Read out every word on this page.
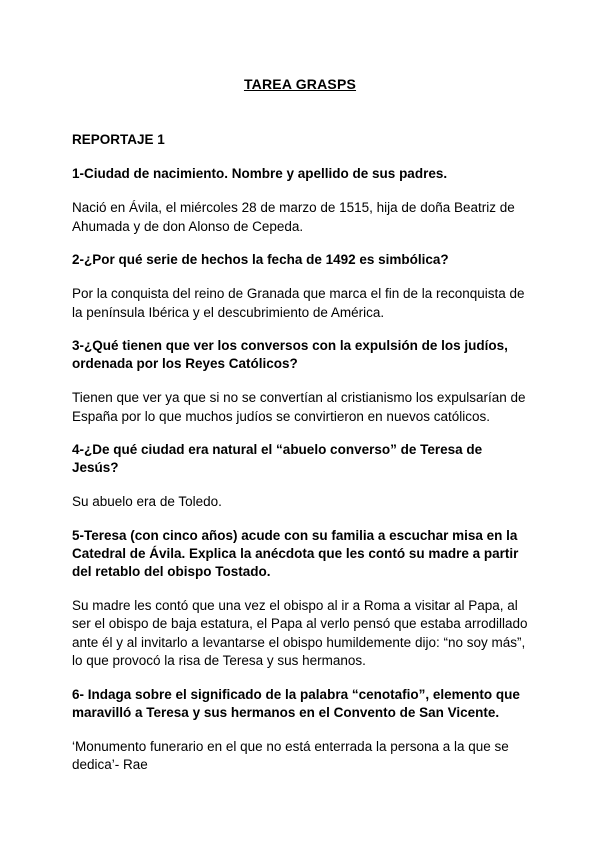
TAREA GRASPS
REPORTAJE 1
1-Ciudad de nacimiento. Nombre y apellido de sus padres.
Nació en Ávila, el miércoles 28 de marzo de 1515, hija de doña Beatriz de Ahumada y de don Alonso de Cepeda.
2-¿Por qué serie de hechos la fecha de 1492 es simbólica?
Por la conquista del reino de Granada que marca el fin de la reconquista de la península Ibérica y el descubrimiento de América.
3-¿Qué tienen que ver los conversos con la expulsión de los judíos, ordenada por los Reyes Católicos?
Tienen que ver ya que si no se convertían al cristianismo los expulsarían de España por lo que muchos judíos se convirtieron en nuevos católicos.
4-¿De qué ciudad era natural el “abuelo converso” de Teresa de Jesús?
Su abuelo era de Toledo.
5-Teresa (con cinco años) acude con su familia a escuchar misa en la Catedral de Ávila. Explica la anécdota que les contó su madre a partir del retablo del obispo Tostado.
Su madre les contó que una vez el obispo al ir a Roma a visitar al Papa, al ser el obispo de baja estatura, el Papa al verlo pensó que estaba arrodillado ante él y al invitarlo a levantarse el obispo humildemente dijo: “no soy más”, lo que provocó la risa de Teresa y sus hermanos.
6- Indaga sobre el significado de la palabra “cenotafio”, elemento que maravilló a Teresa y sus hermanos en el Convento de San Vicente.
‘Monumento funerario en el que no está enterrada la persona a la que se dedica’- Rae
